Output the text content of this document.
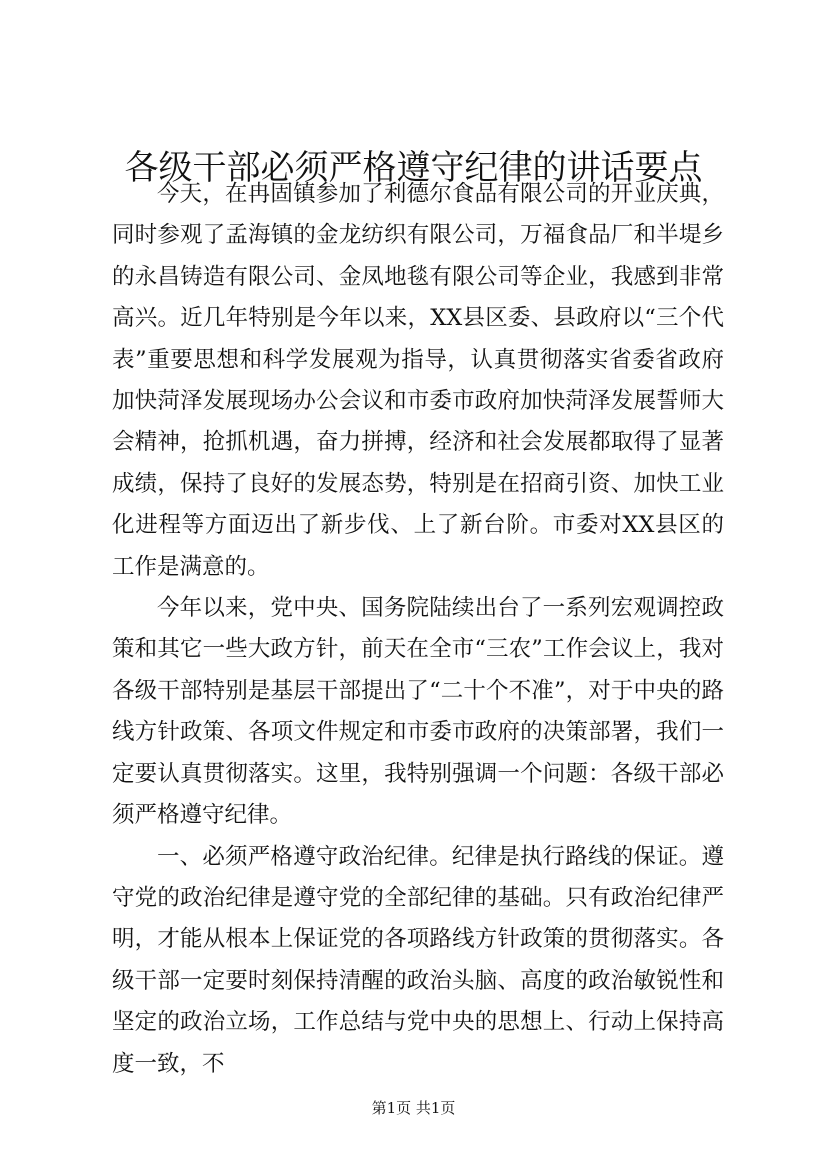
各级干部必须严格遵守纪律的讲话要点

今天，在冉固镇参加了利德尔食品有限公司的开业庆典，同时参观了孟海镇的金龙纺织有限公司，万福食品厂和半堤乡的永昌铸造有限公司、金凤地毯有限公司等企业，我感到非常高兴。近几年特别是今年以来，XX县区委、县政府以“三个代表”重要思想和科学发展观为指导，认真贯彻落实省委省政府加快菏泽发展现场办公会议和市委市政府加快菏泽发展誓师大会精神，抢抓机遇，奋力拼搏，经济和社会发展都取得了显著成绩，保持了良好的发展态势，特别是在招商引资、加快工业化进程等方面迈出了新步伐、上了新台阶。市委对XX县区的工作是满意的。

今年以来，党中央、国务院陆续出台了一系列宏观调控政策和其它一些大政方针，前天在全市“三农”工作会议上，我对各级干部特别是基层干部提出了“二十个不准”，对于中央的路线方针政策、各项文件规定和市委市政府的决策部署，我们一定要认真贯彻落实。这里，我特别强调一个问题：各级干部必须严格遵守纪律。

一、必须严格遵守政治纪律。纪律是执行路线的保证。遵守党的政治纪律是遵守党的全部纪律的基础。只有政治纪律严明，才能从根本上保证党的各项路线方针政策的贯彻落实。各级干部一定要时刻保持清醒的政治头脑、高度的政治敏锐性和坚定的政治立场，工作总结与党中央的思想上、行动上保持高度一致，不

第1页 共1页
